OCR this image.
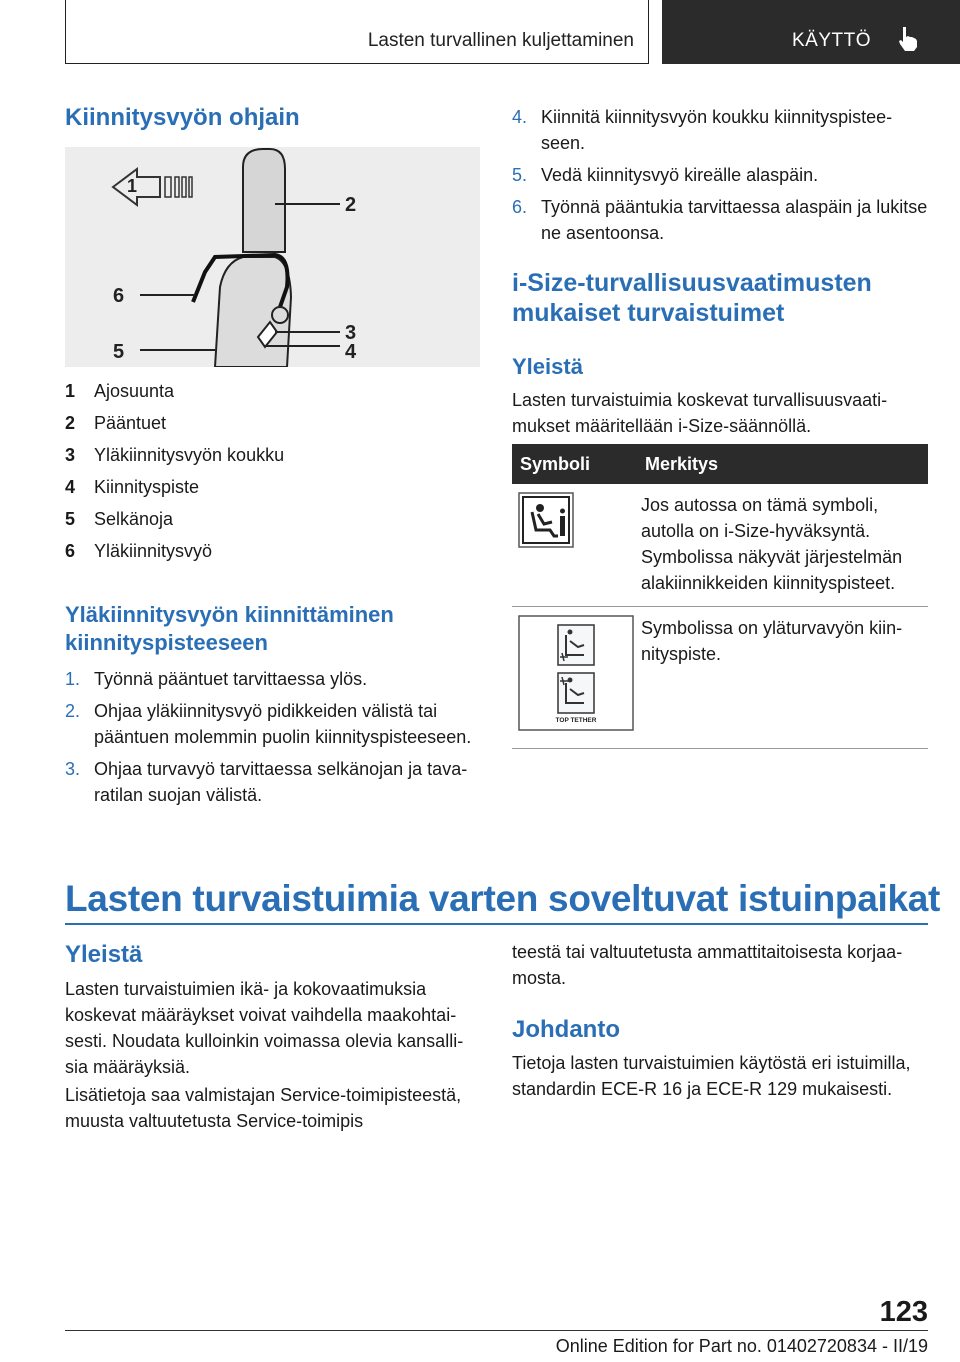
Lasten turvallinen kuljettaminen	KÄYTTÖ
Kiinnitysvyön ohjain
1
2
3
4
5
6
1	Ajosuunta
2	Pääntuet
3	Yläkiinnitysvyön koukku
4	Kiinnityspiste
5	Selkänoja
6	Yläkiinnitysvyö
Yläkiinnitysvyön kiinnittäminen kiinnityspisteeseen
1. Työnnä pääntuet tarvittaessa ylös.
2. Ohjaa yläkiinnitysvyö pidikkeiden välistä tai pääntuen molemmin puolin kiinnityspisteeseen.
3. Ohjaa turvavyö tarvittaessa selkänojan ja tavaratilan suojan välistä.
4. Kiinnitä kiinnitysvyön koukku kiinnityspisteeseen.
5. Vedä kiinnitysvyö kireälle alaspäin.
6. Työnnä pääntukia tarvittaessa alaspäin ja lukitse ne asentoonsa.
i-Size-turvallisuusvaatimusten mukaiset turvaistuimet
Yleistä
Lasten turvaistuimia koskevat turvallisuusvaatimukset määritellään i-Size-säännöllä.
Symboli	Merkitys
	Jos autossa on tämä symboli, autolla on i-Size-hyväksyntä. Symbolissa näkyvät järjestelmän alakiinnikkeiden kiinnityspisteet.

TOP TETHER	Symbolissa on yläturvavyön kiinnityspiste.
Lasten turvaistuimia varten soveltuvat istuinpaikat
Yleistä
Lasten turvaistuimien ikä- ja kokovaatimuksia koskevat määräykset voivat vaihdella maakohtaisesti. Noudata kulloinkin voimassa olevia kansallisia määräyksiä.
Lisätietoja saa valmistajan Service-toimipisteestä, muusta valtuutetusta Service-toimipis
teestä tai valtuutetusta ammattitaitoisesta korjaamosta.
Johdanto
Tietoja lasten turvaistuimien käytöstä eri istuimilla, standardin ECE-R 16 ja ECE-R 129 mukaisesti.
123
Online Edition for Part no. 01402720834 - II/19
